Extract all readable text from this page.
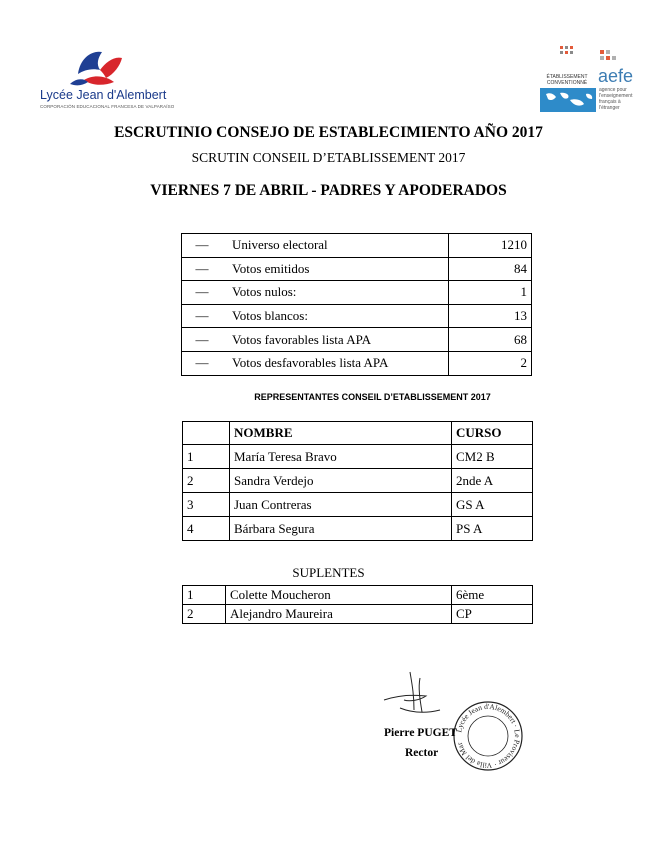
Lycée Jean d'Alembert
CORPORACIÓN EDUCACIONAL FRANCESA DE VALPARAÍSO
ÉTABLISSEMENT CONVENTIONNÉ aefe
agence pour l'enseignement français à l'étranger
ESCRUTINIO CONSEJO DE ESTABLECIMIENTO AÑO 2017
SCRUTIN CONSEIL D’ETABLISSEMENT 2017
VIERNES 7 DE ABRIL - PADRES Y APODERADOS
—	Universo electoral	1210
—	Votos emitidos	84
—	Votos nulos:	1
—	Votos blancos:	13
—	Votos favorables lista APA	68
—	Votos desfavorables lista APA	2
REPRESENTANTES CONSEIL D’ETABLISSEMENT 2017
	NOMBRE	CURSO
1	María Teresa Bravo	CM2 B
2	Sandra Verdejo	2nde A
3	Juan Contreras	GS A
4	Bárbara Segura	PS A
SUPLENTES
1	Colette Moucheron	6ème
2	Alejandro Maureira	CP
Lycée Jean d'Alembert · Le Proviseur · Villa del Mar
Pierre PUGET
Rector
